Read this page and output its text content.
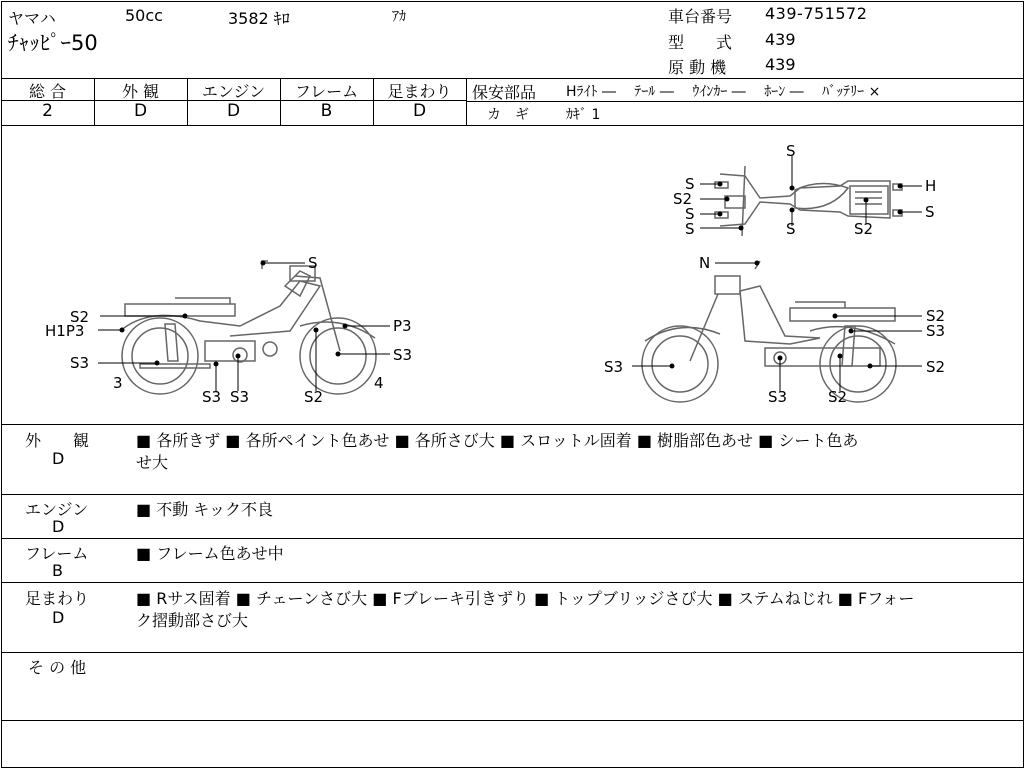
ヤマハ	50cc	3582 ｷﾛ	ｱｶ
ﾁｬｯﾋﾟｰ50
車台番号 439-751572
型　　式 439
原 動 機 439
総 合	外 観	エンジン	フレーム	足まわり
2	D	D	B	D
保安部品 Hﾗｲﾄ ―　 ﾃｰﾙ ―　 ｳｲﾝｶｰ ―　 ﾎｰﾝ ―　 ﾊﾞｯﾃﾘｰ ×
カ　ギ	ｶｷﾞ 1
S
S2
H1P3
S3
3
S3 S3	S2
4
P3
S3
N
S2
S3
S2
S3
S3	S2
S
S
S2
S
S	S	S2
H
S
外　　観
D
■ 各所きず ■ 各所ペイント色あせ ■ 各所さび大 ■ スロットル固着 ■ 樹脂部色あせ ■ シート色あ
せ大
エンジン
D
■ 不動 キック不良
フレーム
B
■ フレーム色あせ中
足まわり
D
■ Rサス固着 ■ チェーンさび大 ■ Fブレーキ引きずり ■ トップブリッジさび大 ■ ステムねじれ ■ Fフォー
ク摺動部さび大
そ の 他
